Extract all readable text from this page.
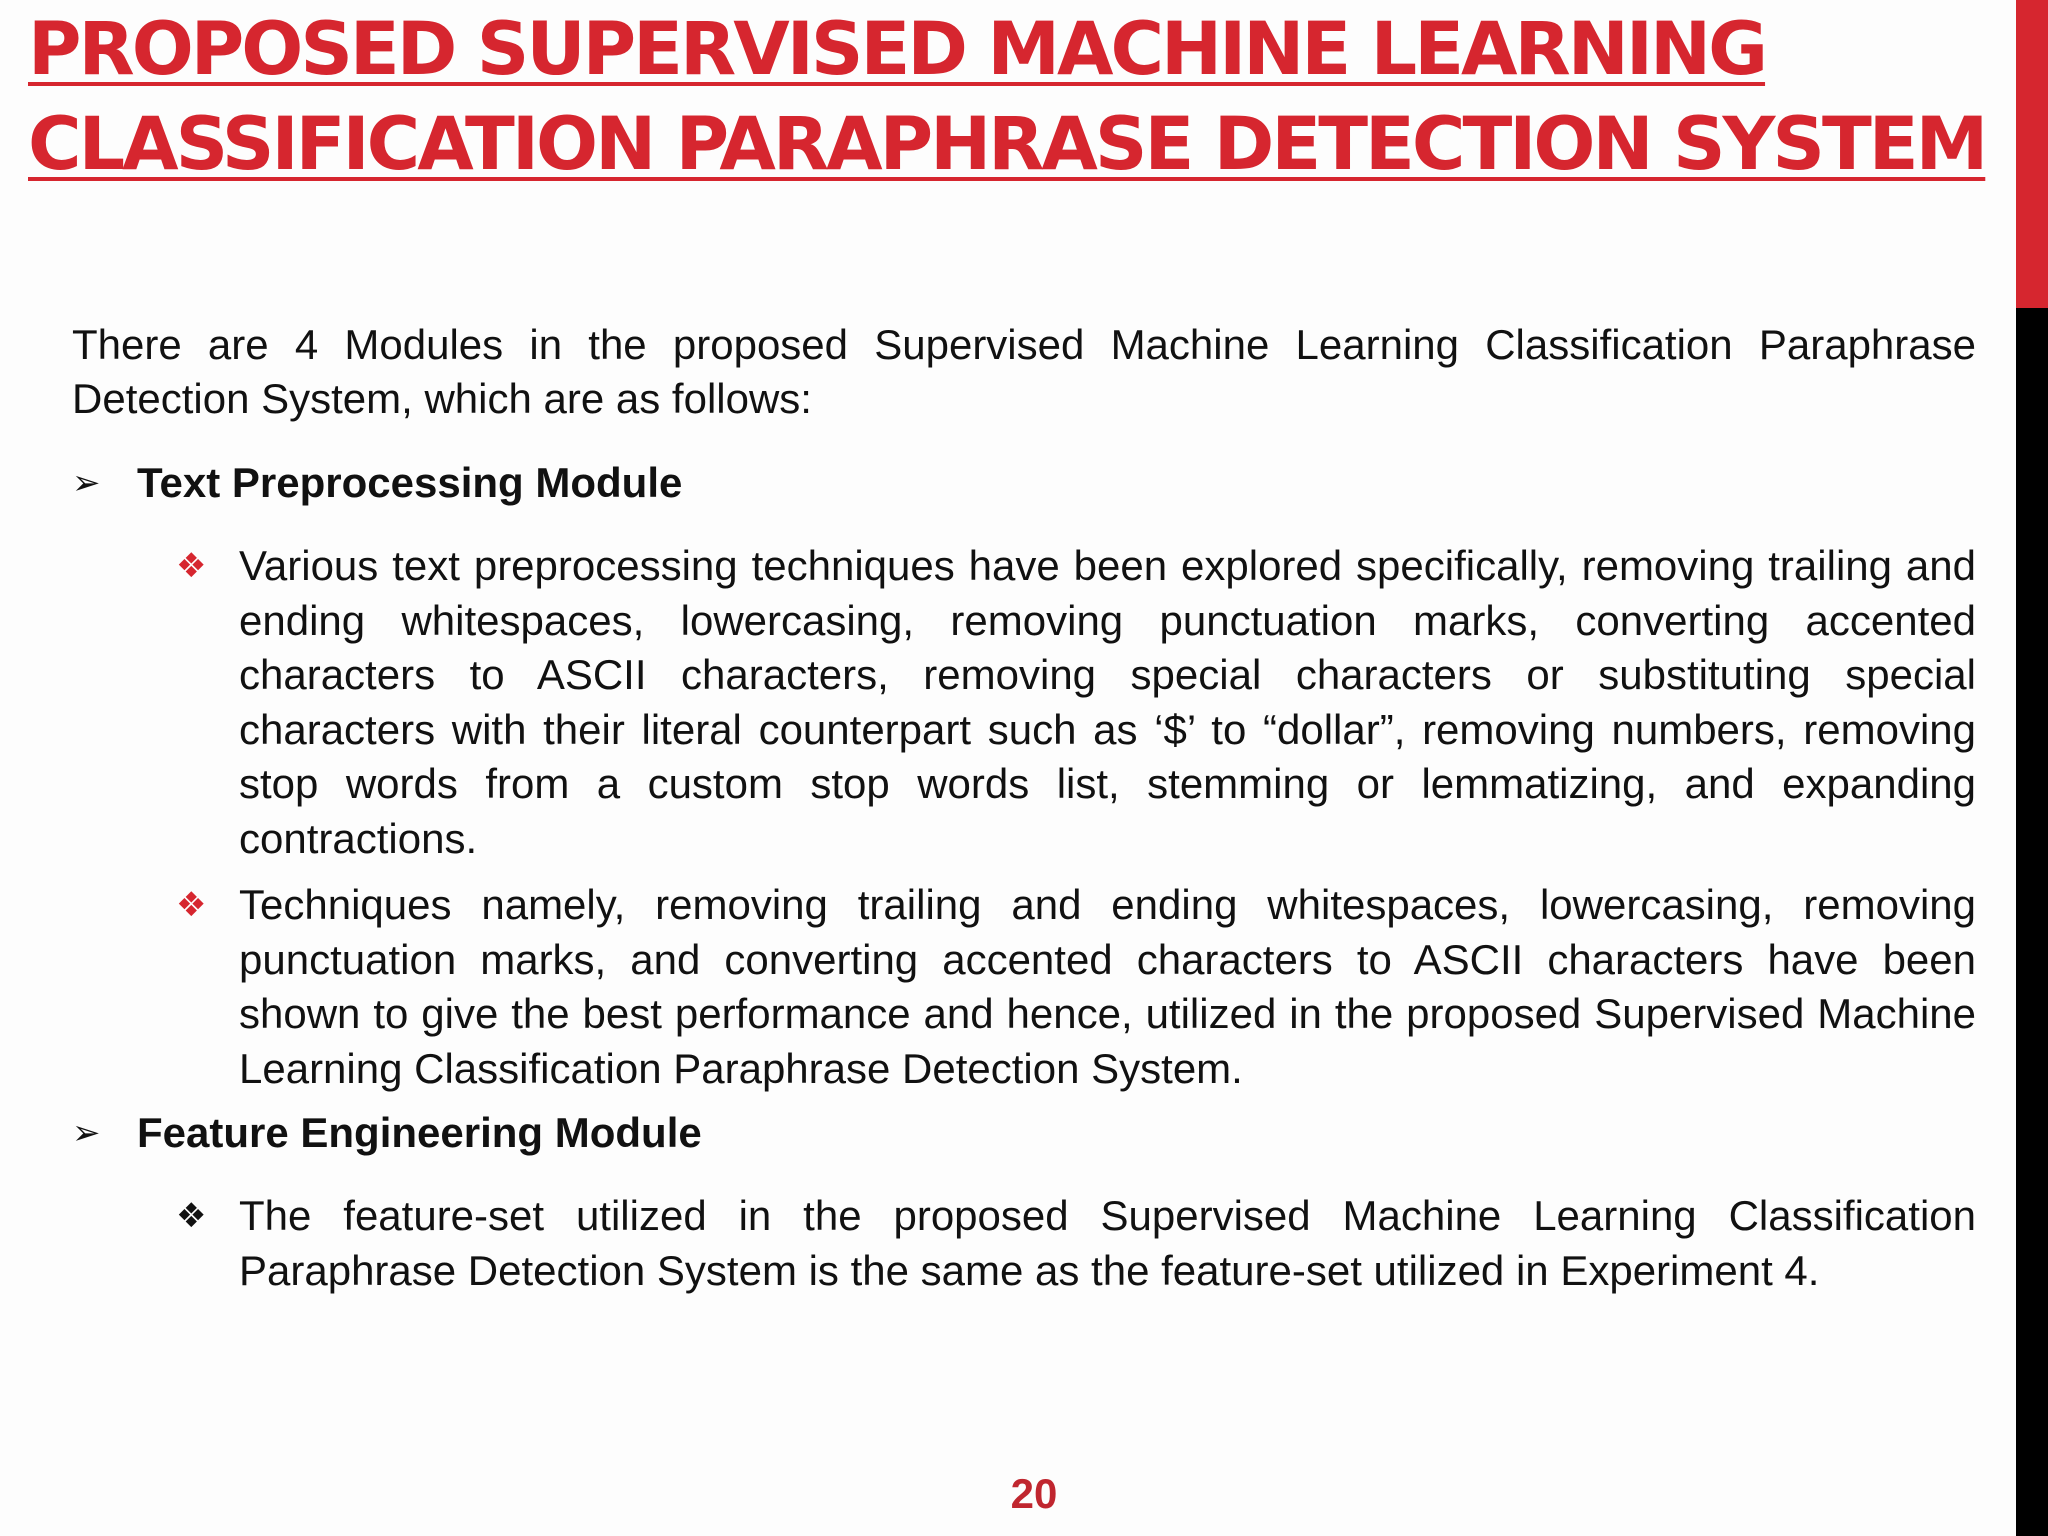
PROPOSED SUPERVISED MACHINE LEARNING CLASSIFICATION PARAPHRASE DETECTION SYSTEM

There are 4 Modules in the proposed Supervised Machine Learning Classification Paraphrase Detection System, which are as follows:

➢ Text Preprocessing Module
❖ Various text preprocessing techniques have been explored specifically, removing trailing and ending whitespaces, lowercasing, removing punctuation marks, converting accented characters to ASCII characters, removing special characters or substituting special characters with their literal counterpart such as ‘$’ to “dollar”, removing numbers, removing stop words from a custom stop words list, stemming or lemmatizing, and expanding contractions.

❖ Techniques namely, removing trailing and ending whitespaces, lowercasing, removing punctuation marks, and converting accented characters to ASCII characters have been shown to give the best performance and hence, utilized in the proposed Supervised Machine Learning Classification Paraphrase Detection System.

➢ Feature Engineering Module
❖ The feature-set utilized in the proposed Supervised Machine Learning Classification Paraphrase Detection System is the same as the feature-set utilized in Experiment 4.

20
